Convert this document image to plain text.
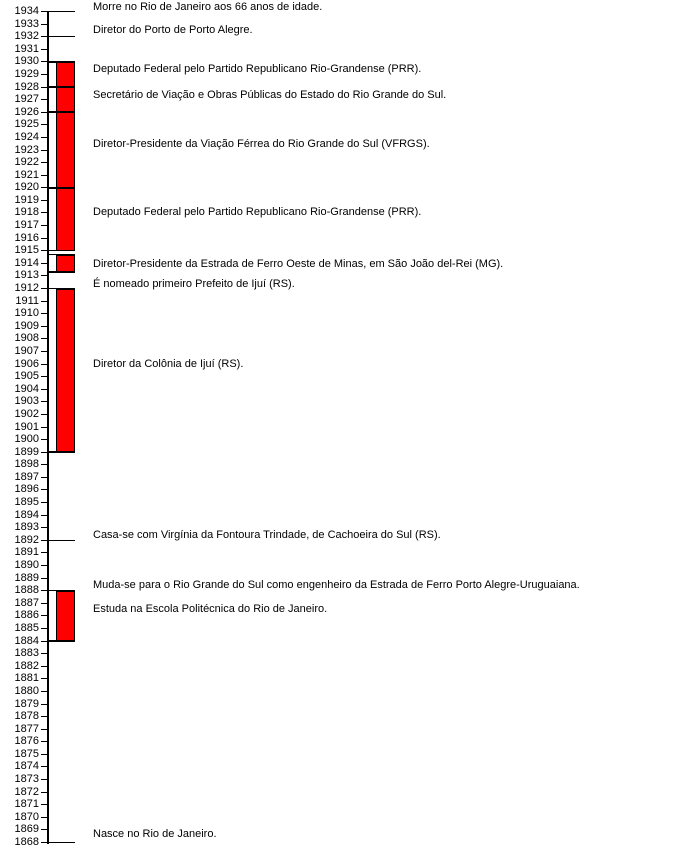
1934
1933
1932
1931
1930
1929
1928
1927
1926
1925
1924
1923
1922
1921
1920
1919
1918
1917
1916
1915
1914
1913
1912
1911
1910
1909
1908
1907
1906
1905
1904
1903
1902
1901
1900
1899
1898
1897
1896
1895
1894
1893
1892
1891
1890
1889
1888
1887
1886
1885
1884
1883
1882
1881
1880
1879
1878
1877
1876
1875
1874
1873
1872
1871
1870
1869
1868
Morre no Rio de Janeiro aos 66 anos de idade.
Diretor do Porto de Porto Alegre.
É nomeado primeiro Prefeito de Ijuí (RS).
Casa-se com Virgínia da Fontoura Trindade, de Cachoeira do Sul (RS).
Muda-se para o Rio Grande do Sul como engenheiro da Estrada de Ferro Porto Alegre-Uruguaiana.
Nasce no Rio de Janeiro.
Deputado Federal pelo Partido Republicano Rio-Grandense (PRR).
Secretário de Viação e Obras Públicas do Estado do Rio Grande do Sul.
Diretor-Presidente da Viação Férrea do Rio Grande do Sul (VFRGS).
Deputado Federal pelo Partido Republicano Rio-Grandense (PRR).
Diretor-Presidente da Estrada de Ferro Oeste de Minas, em São João del-Rei (MG).
Diretor da Colônia de Ijuí (RS).
Estuda na Escola Politécnica do Rio de Janeiro.
